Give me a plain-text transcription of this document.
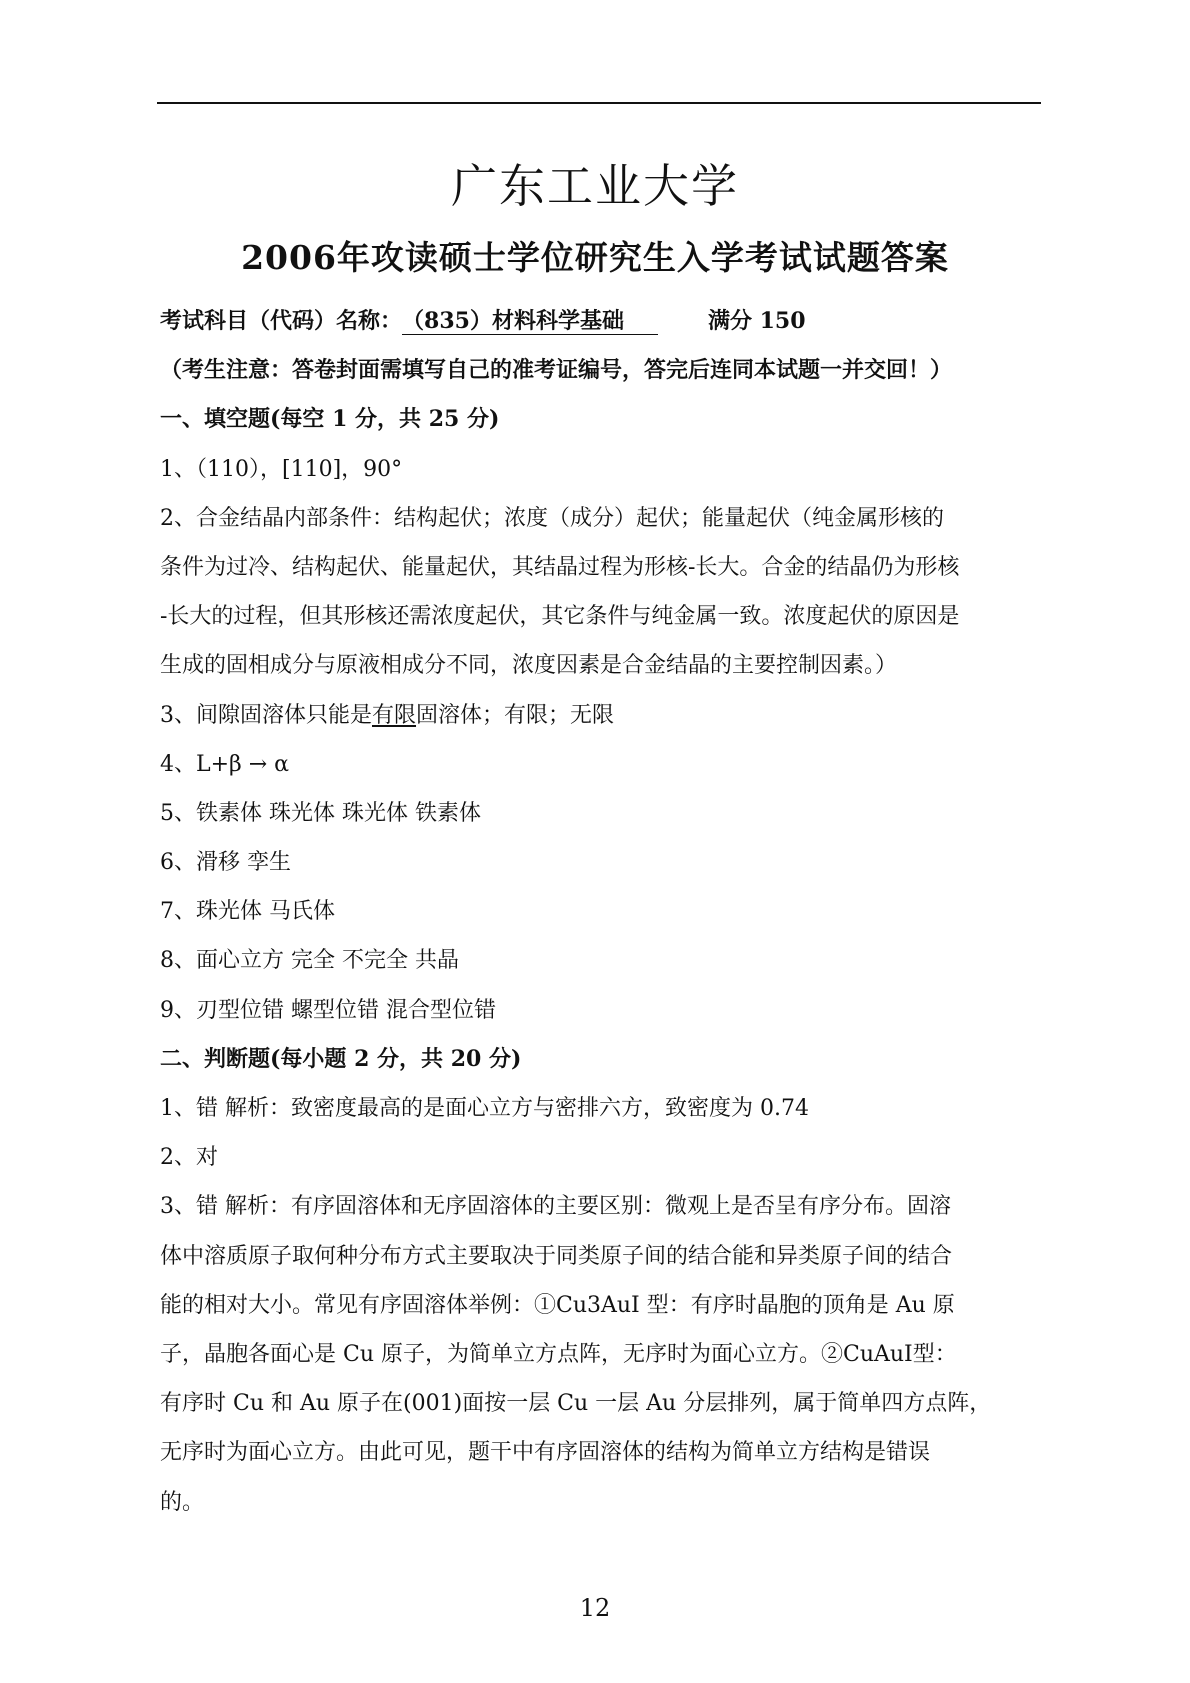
广东工业大学
2006年攻读硕士学位研究生入学考试试题答案
考试科目（代码）名称：（835）材料科学基础	满分 150
（考生注意：答卷封面需填写自己的准考证编号，答完后连同本试题一并交回！）
一、填空题(每空 1 分，共 25 分)
1、（110），[110]，90°
2、合金结晶内部条件：结构起伏；浓度（成分）起伏；能量起伏（纯金属形核的
条件为过冷、结构起伏、能量起伏，其结晶过程为形核-长大。合金的结晶仍为形核
-长大的过程，但其形核还需浓度起伏，其它条件与纯金属一致。浓度起伏的原因是
生成的固相成分与原液相成分不同，浓度因素是合金结晶的主要控制因素。）
3、间隙固溶体只能是有限固溶体；有限；无限
4、L+β → α
5、铁素体 珠光体 珠光体 铁素体
6、滑移 孪生
7、珠光体 马氏体
8、面心立方 完全 不完全 共晶
9、刃型位错 螺型位错 混合型位错
二、判断题(每小题 2 分，共 20 分)
1、错 解析：致密度最高的是面心立方与密排六方，致密度为 0.74
2、对
3、错 解析：有序固溶体和无序固溶体的主要区别：微观上是否呈有序分布。固溶
体中溶质原子取何种分布方式主要取决于同类原子间的结合能和异类原子间的结合
能的相对大小。常见有序固溶体举例：①Cu3AuI 型：有序时晶胞的顶角是 Au 原
子，晶胞各面心是 Cu 原子，为简单立方点阵，无序时为面心立方。②CuAuⅠ型：
有序时 Cu 和 Au 原子在(001)面按一层 Cu 一层 Au 分层排列，属于简单四方点阵，
无序时为面心立方。由此可见，题干中有序固溶体的结构为简单立方结构是错误
的。
12
